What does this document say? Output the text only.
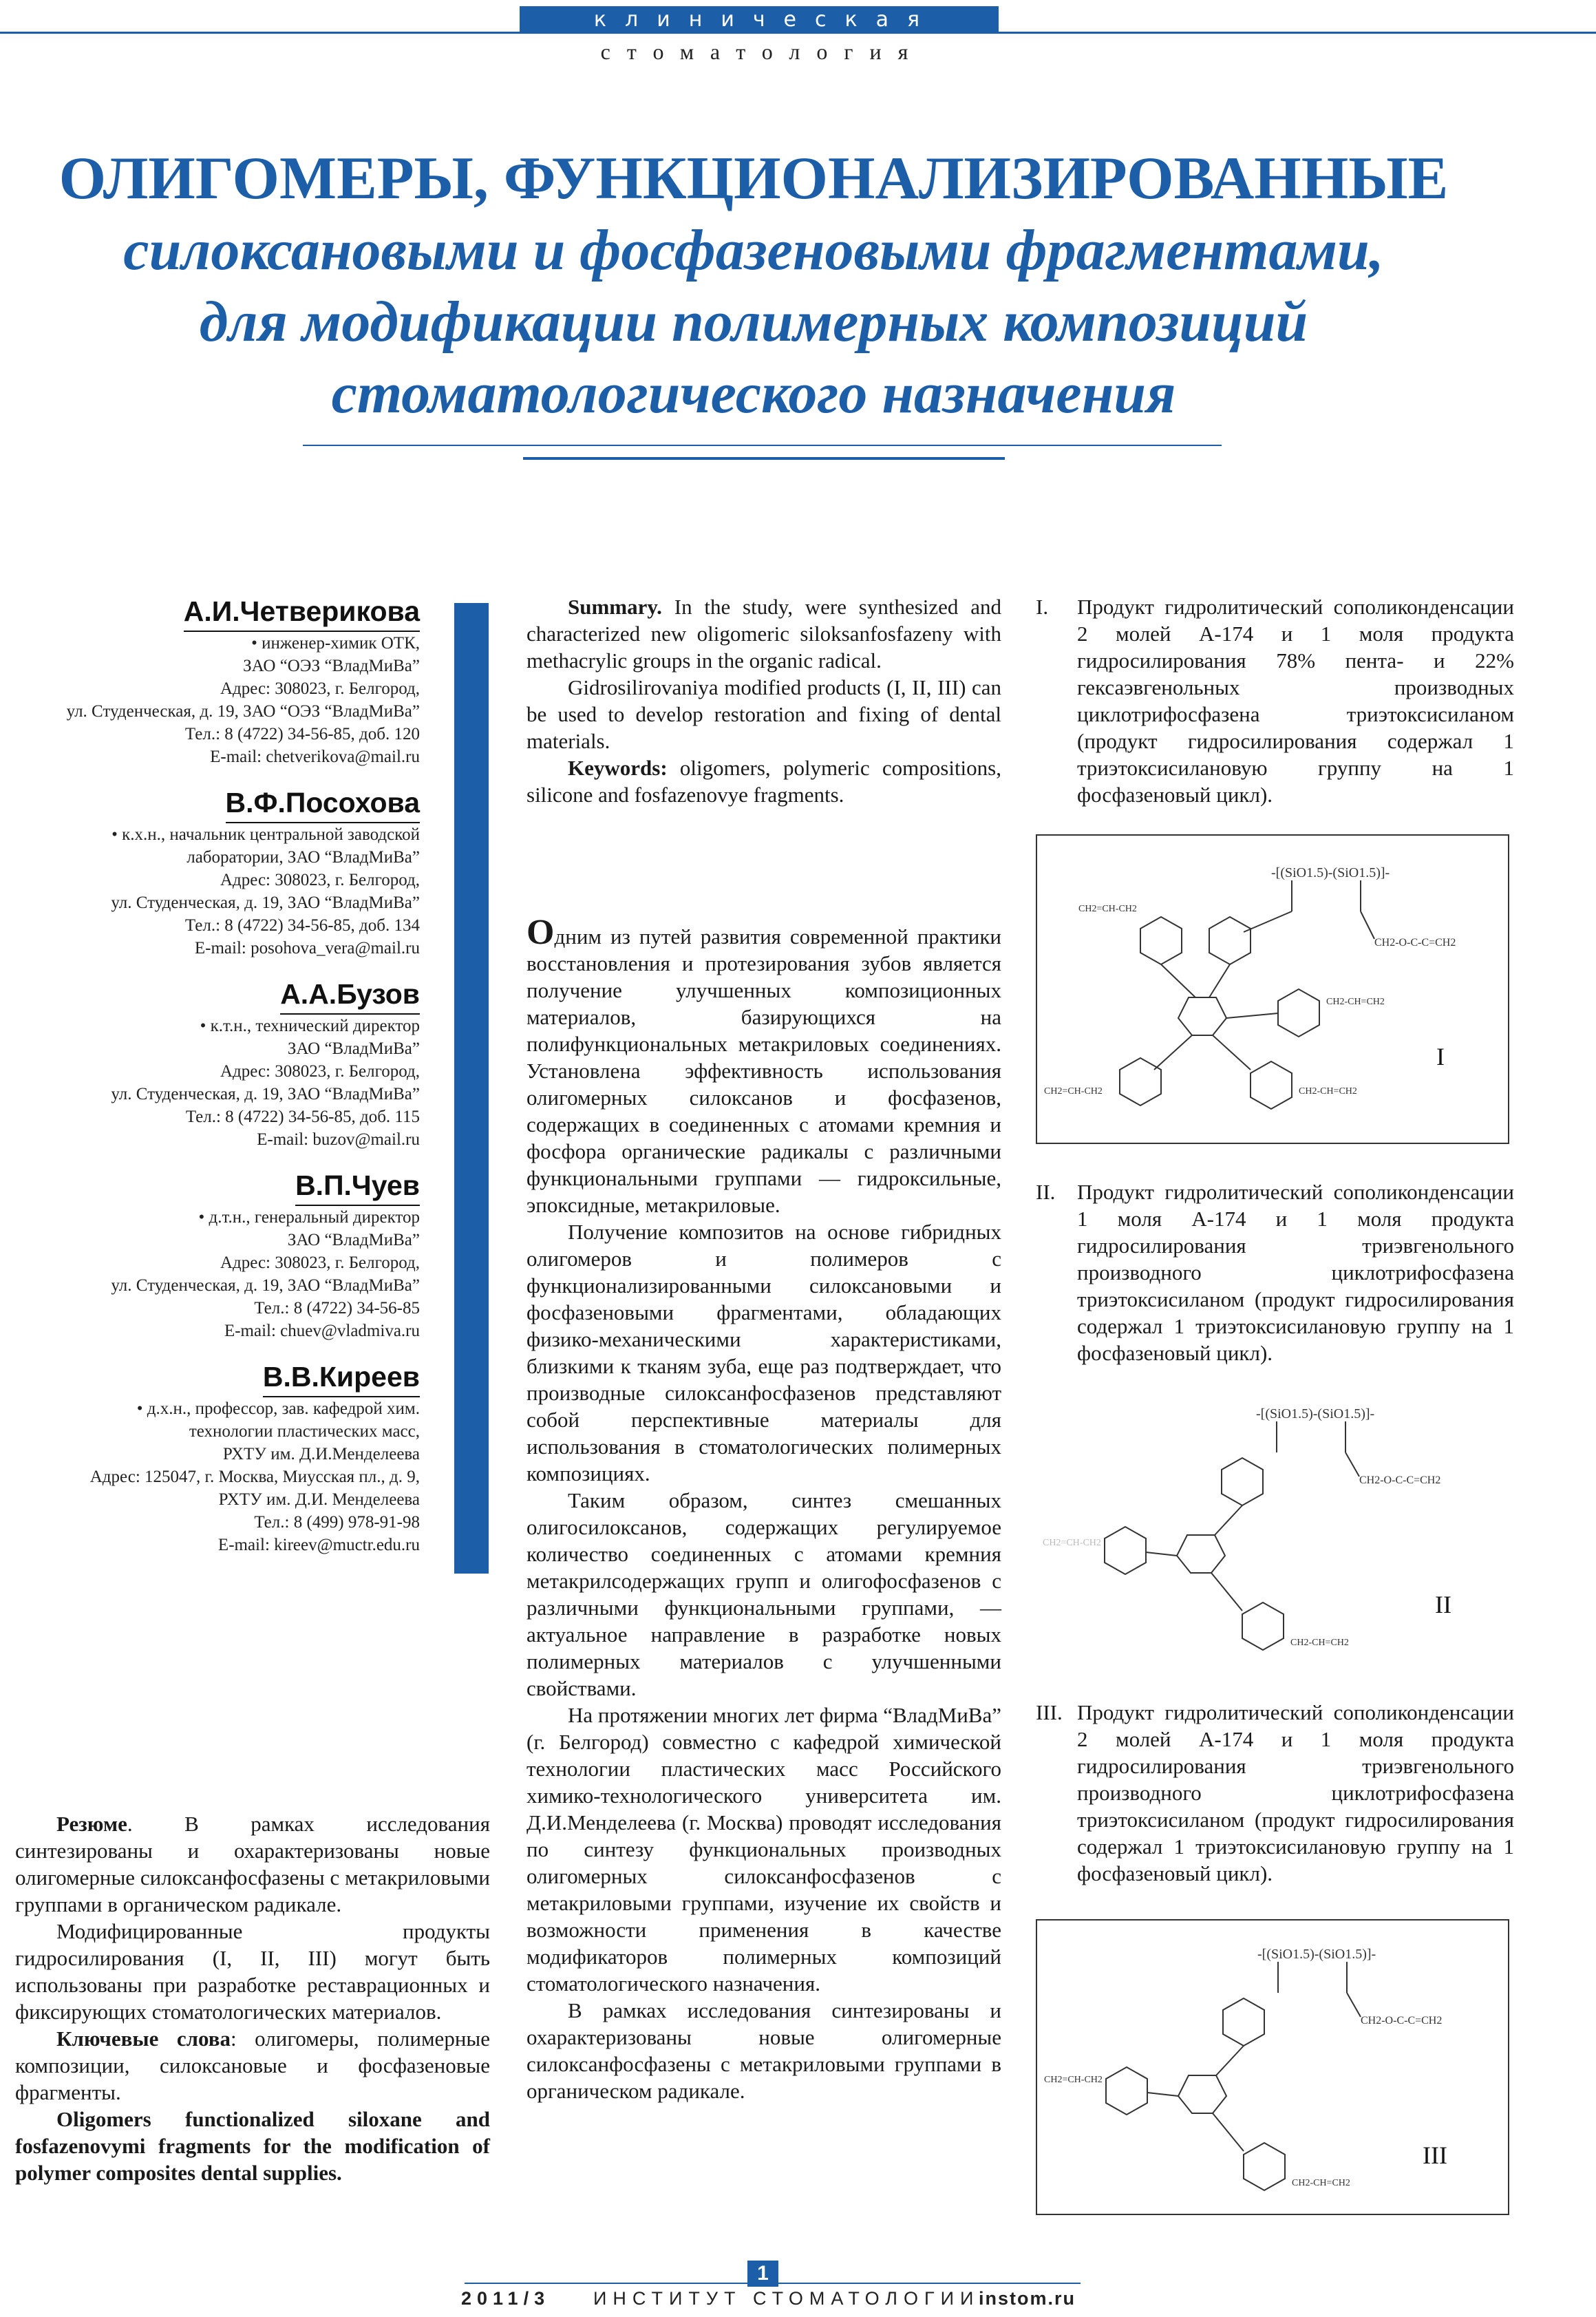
клиническая
стоматология
ОЛИГОМЕРЫ, ФУНКЦИОНАЛИЗИРОВАННЫЕ
силоксановыми и фосфазеновыми фрагментами,
для модификации полимерных композиций
стоматологического назначения
А.И.Четверикова
• инженер-химик ОТК,
ЗАО “ОЭЗ “ВладМиВа”
Адрес: 308023, г. Белгород,
ул. Студенческая, д. 19, ЗАО “ОЭЗ “ВладМиВа”
Тел.: 8 (4722) 34-56-85, доб. 120
E-mail: chetverikova@mail.ru
В.Ф.Посохова
• к.х.н., начальник центральной заводской
лаборатории, ЗАО “ВладМиВа”
Адрес: 308023, г. Белгород,
ул. Студенческая, д. 19, ЗАО “ВладМиВа”
Тел.: 8 (4722) 34-56-85, доб. 134
E-mail: posohova_vera@mail.ru
А.А.Бузов
• к.т.н., технический директор
ЗАО “ВладМиВа”
Адрес: 308023, г. Белгород,
ул. Студенческая, д. 19, ЗАО “ВладМиВа”
Тел.: 8 (4722) 34-56-85, доб. 115
E-mail: buzov@mail.ru
В.П.Чуев
• д.т.н., генеральный директор
ЗАО “ВладМиВа”
Адрес: 308023, г. Белгород,
ул. Студенческая, д. 19, ЗАО “ВладМиВа”
Тел.: 8 (4722) 34-56-85
E-mail: chuev@vladmiva.ru
В.В.Киреев
• д.х.н., профессор, зав. кафедрой хим.
технологии пластических масс,
РХТУ им. Д.И.Менделеева
Адрес: 125047, г. Москва, Миусская пл., д. 9,
РХТУ им. Д.И. Менделеева
Тел.: 8 (499) 978-91-98
E-mail: kireev@muctr.edu.ru

Summary. In the study, were synthesized and characterized new oligomeric siloksanfosfazeny with methacrylic groups in the organic radical.

Gidrosilirovaniya modified products (I, II, III) can be used to develop restoration and fixing of dental materials.

Keywords: oligomers, polymeric compositions, silicone and fosfazenovye fragments.

Одним из путей развития современной практики восстановления и протезирования зубов является получение улучшенных композиционных материалов, базирующихся на полифункциональных метакриловых соединениях. Установлена эффективность использования олигомерных силоксанов и фосфазенов, содержащих в соединенных с атомами кремния и фосфора органические радикалы с различными функциональными группами — гидроксильные, эпоксидные, метакриловые.

Получение композитов на основе гибридных олигомеров и полимеров с функционализированными силоксановыми и фосфазеновыми фрагментами, обладающих физико-механическими характеристиками, близкими к тканям зуба, еще раз подтверждает, что производные силоксанфосфазенов представляют собой перспективные материалы для использования в стоматологических полимерных композициях.

Таким образом, синтез смешанных олигосилоксанов, содержащих регулируемое количество соединенных с атомами кремния метакрилсодержащих групп и олигофосфазенов с различными функциональными группами, — актуальное направление в разработке новых полимерных материалов с улучшенными свойствами.

На протяжении многих лет фирма “ВладМиВа” (г. Белгород) совместно с кафедрой химической технологии пластических масс Российского химико-технологического университета им. Д.И.Менделеева (г. Москва) проводят исследования по синтезу функциональных производных олигомерных силоксанфосфазенов с метакриловыми группами, изучение их свойств и возможности применения в качестве модификаторов полимерных композиций стоматологического назначения.

В рамках исследования синтезированы и охарактеризованы новые олигомерные силоксанфосфазены с метакриловыми группами в органическом радикале.

Резюме. В рамках исследования синтезированы и охарактеризованы новые олигомерные силоксанфосфазены с метакриловыми группами в органическом радикале.

Модифицированные продукты гидросилирования (I, II, III) могут быть использованы при разработке реставрационных и фиксирующих стоматологических материалов.

Ключевые слова: олигомеры, полимерные композиции, силоксановые и фосфазеновые фрагменты.

Oligomers functionalized siloxane and fosfazenovymi fragments for the modification of polymer composites dental supplies.

I.	Продукт гидролитический сополиконденсации 2 молей А-174 и 1 моля продукта гидросилирования 78% пента- и 22% гексаэвгенольных производных циклотрифосфазена триэтоксисиланом (продукт гидросилирования содержал 1 триэтоксисилановую группу на 1 фосфазеновый цикл).
-[(SiO1.5)-(SiO1.5)]-
CH2-O-C-C=CH2
CH2=CH-CH2
CH2-CH=CH2
CH2=CH-CH2	CH2-CH=CH2
I
II.	Продукт гидролитический сополиконденсации 1 моля А-174 и 1 моля продукта гидросилирования триэвгенольного производного циклотрифосфазена триэтоксисиланом (продукт гидросилирования содержал 1 триэтоксисилановую группу на 1 фосфазеновый цикл).
-[(SiO1.5)-(SiO1.5)]-
CH2-O-C-C=CH2
CH2=CH-CH2
CH2-CH=CH2
II
III. Продукт гидролитический сополиконденсации 2 молей А-174 и 1 моля продукта гидросилирования триэвгенольного производного циклотрифосфазена триэтоксисиланом (продукт гидросилирования содержал 1 триэтоксисилановую группу на 1 фосфазеновый цикл).
-[(SiO1.5)-(SiO1.5)]-
CH2-O-C-C=CH2
CH2=CH-CH2
CH2-CH=CH2
III
1
2011/3 ИНСТИТУТ СТОМАТОЛОГИИ
instom.ru
